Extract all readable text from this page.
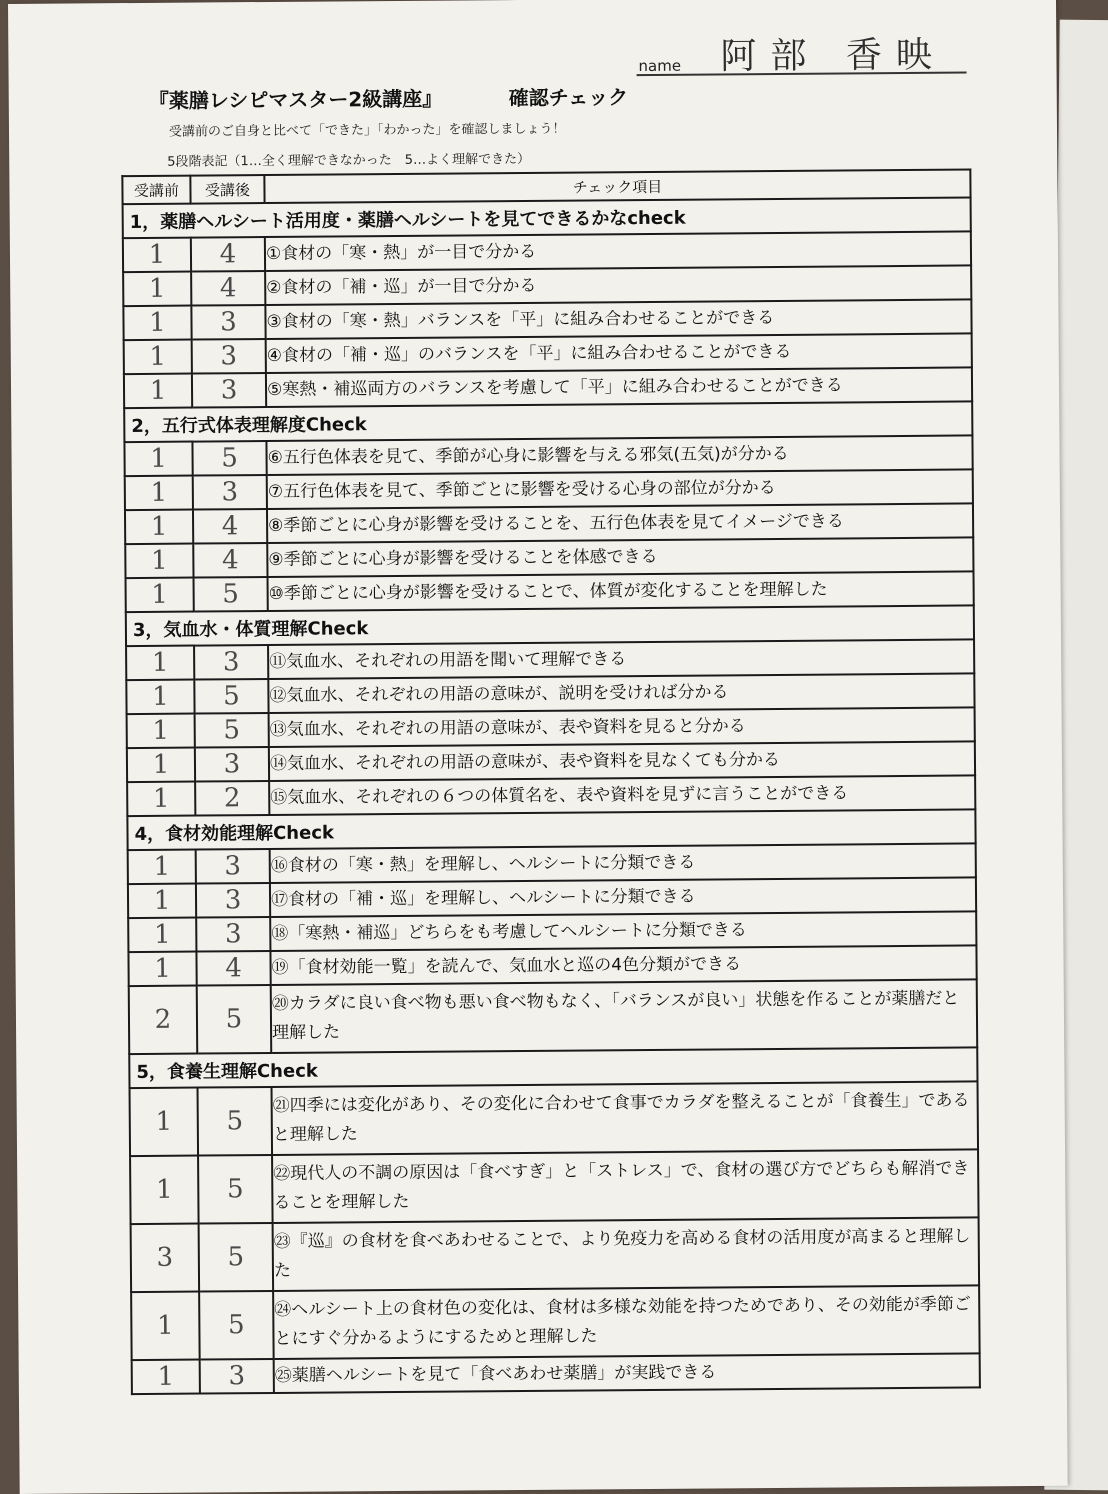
name 阿部 香映
『薬膳レシピマスター2級講座』	確認チェック
受講前のご自身と比べて「できた」「わかった」を確認しましょう！
5段階表記（1…全く理解できなかった　5…よく理解できた）
受講前	受講後	チェック項目
1，薬膳ヘルシート活用度・薬膳ヘルシートを見てできるかなcheck		
1	4	①食材の「寒・熱」が一目で分かる
1	4	②食材の「補・巡」が一目で分かる
1	3	③食材の「寒・熱」バランスを「平」に組み合わせることができる
1	3	④食材の「補・巡」のバランスを「平」に組み合わせることができる
1	3	⑤寒熱・補巡両方のバランスを考慮して「平」に組み合わせることができる
2，五行式体表理解度Check		
1	5	⑥五行色体表を見て、季節が心身に影響を与える邪気(五気)が分かる
1	3	⑦五行色体表を見て、季節ごとに影響を受ける心身の部位が分かる
1	4	⑧季節ごとに心身が影響を受けることを、五行色体表を見てイメージできる
1	4	⑨季節ごとに心身が影響を受けることを体感できる
1	5	⑩季節ごとに心身が影響を受けることで、体質が変化することを理解した
3，気血水・体質理解Check		
1	3	⑪気血水、それぞれの用語を聞いて理解できる
1	5	⑫気血水、それぞれの用語の意味が、説明を受ければ分かる
1	5	⑬気血水、それぞれの用語の意味が、表や資料を見ると分かる
1	3	⑭気血水、それぞれの用語の意味が、表や資料を見なくても分かる
1	2	⑮気血水、それぞれの６つの体質名を、表や資料を見ずに言うことができる
4，食材効能理解Check		
1	3	⑯食材の「寒・熱」を理解し、ヘルシートに分類できる
1	3	⑰食材の「補・巡」を理解し、ヘルシートに分類できる
1	3	⑱「寒熱・補巡」どちらをも考慮してヘルシートに分類できる
1	4	⑲「食材効能一覧」を読んで、気血水と巡の4色分類ができる
2	5	⑳カラダに良い食べ物も悪い食べ物もなく、「バランスが良い」状態を作ることが薬膳だと理解した
5，食養生理解Check		
1	5	㉑四季には変化があり、その変化に合わせて食事でカラダを整えることが「食養生」であると理解した
1	5	㉒現代人の不調の原因は「食べすぎ」と「ストレス」で、食材の選び方でどちらも解消できることを理解した
3	5	㉓『巡』の食材を食べあわせることで、より免疫力を高める食材の活用度が高まると理解した
1	5	㉔ヘルシート上の食材色の変化は、食材は多様な効能を持つためであり、その効能が季節ごとにすぐ分かるようにするためと理解した
1	3	㉕薬膳ヘルシートを見て「食べあわせ薬膳」が実践できる
